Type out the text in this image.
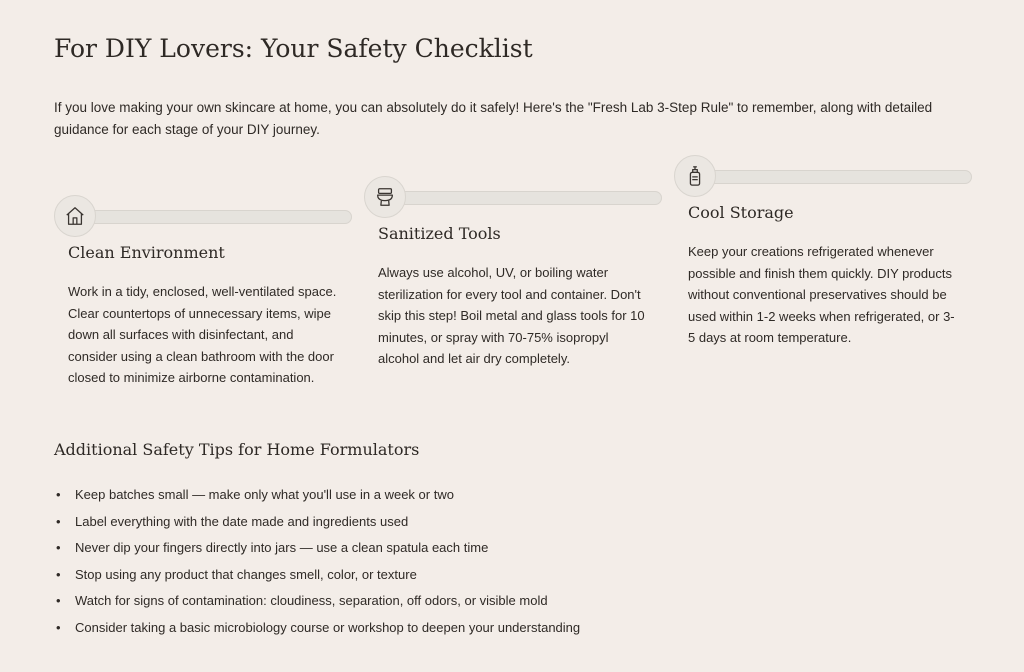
For DIY Lovers: Your Safety Checklist

If you love making your own skincare at home, you can absolutely do it safely! Here's the "Fresh Lab 3-Step Rule" to remember, along with detailed guidance for each stage of your DIY journey.

Clean Environment

Work in a tidy, enclosed, well-ventilated space. Clear countertops of unnecessary items, wipe down all surfaces with disinfectant, and consider using a clean bathroom with the door closed to minimize airborne contamination.

Sanitized Tools

Always use alcohol, UV, or boiling water sterilization for every tool and container. Don't skip this step! Boil metal and glass tools for 10 minutes, or spray with 70-75% isopropyl alcohol and let air dry completely.

Cool Storage

Keep your creations refrigerated whenever possible and finish them quickly. DIY products without conventional preservatives should be used within 1-2 weeks when refrigerated, or 3-5 days at room temperature.

Additional Safety Tips for Home Formulators
• Keep batches small — make only what you'll use in a week or two
• Label everything with the date made and ingredients used
• Never dip your fingers directly into jars — use a clean spatula each time
• Stop using any product that changes smell, color, or texture
• Watch for signs of contamination: cloudiness, separation, off odors, or visible mold
• Consider taking a basic microbiology course or workshop to deepen your understanding
